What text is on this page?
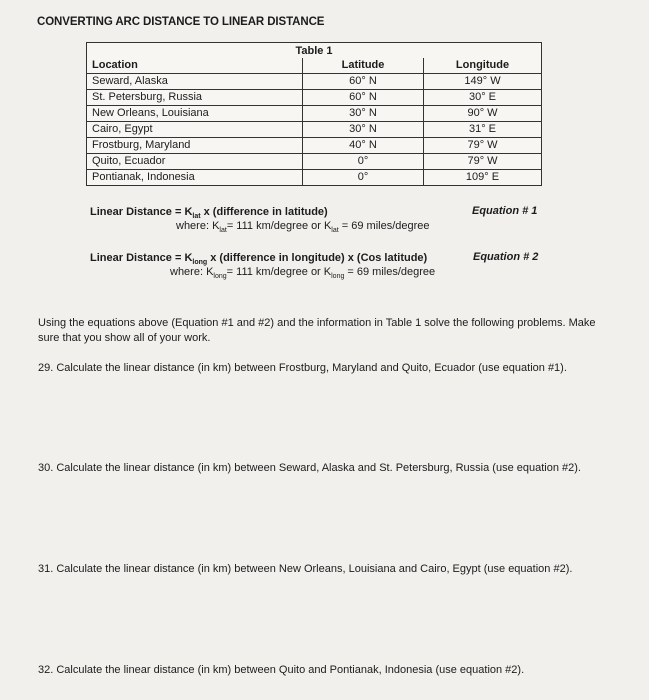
CONVERTING ARC DISTANCE TO LINEAR DISTANCE
Table 1		
Location	Latitude	Longitude
Seward, Alaska	60° N	149° W
St. Petersburg, Russia	60° N	30° E
New Orleans, Louisiana	30° N	90° W
Cairo, Egypt	30° N	31° E
Frostburg, Maryland	40° N	79° W
Quito, Ecuador	0°	79° W
Pontianak, Indonesia	0°	109° E
Linear Distance = $K_{lat}$ x (difference in latitude)
where: $K_{lat}= 111$ km/degree or $K_{lat} = 69$ miles/degree
Equation # 1
Linear Distance = $K_{long}$ x (difference in longitude) x (Cos latitude)
where: $K_{long}= 111$ km/degree or $K_{long} = 69$ miles/degree
Equation # 2
Using the equations above (Equation #1 and #2) and the information in Table 1 solve the following problems. Make sure that you show all of your work.
29. Calculate the linear distance (in km) between Frostburg, Maryland and Quito, Ecuador (use equation #1).
30. Calculate the linear distance (in km) between Seward, Alaska and St. Petersburg, Russia (use equation #2).
31. Calculate the linear distance (in km) between New Orleans, Louisiana and Cairo, Egypt (use equation #2).
32. Calculate the linear distance (in km) between Quito and Pontianak, Indonesia (use equation #2).
